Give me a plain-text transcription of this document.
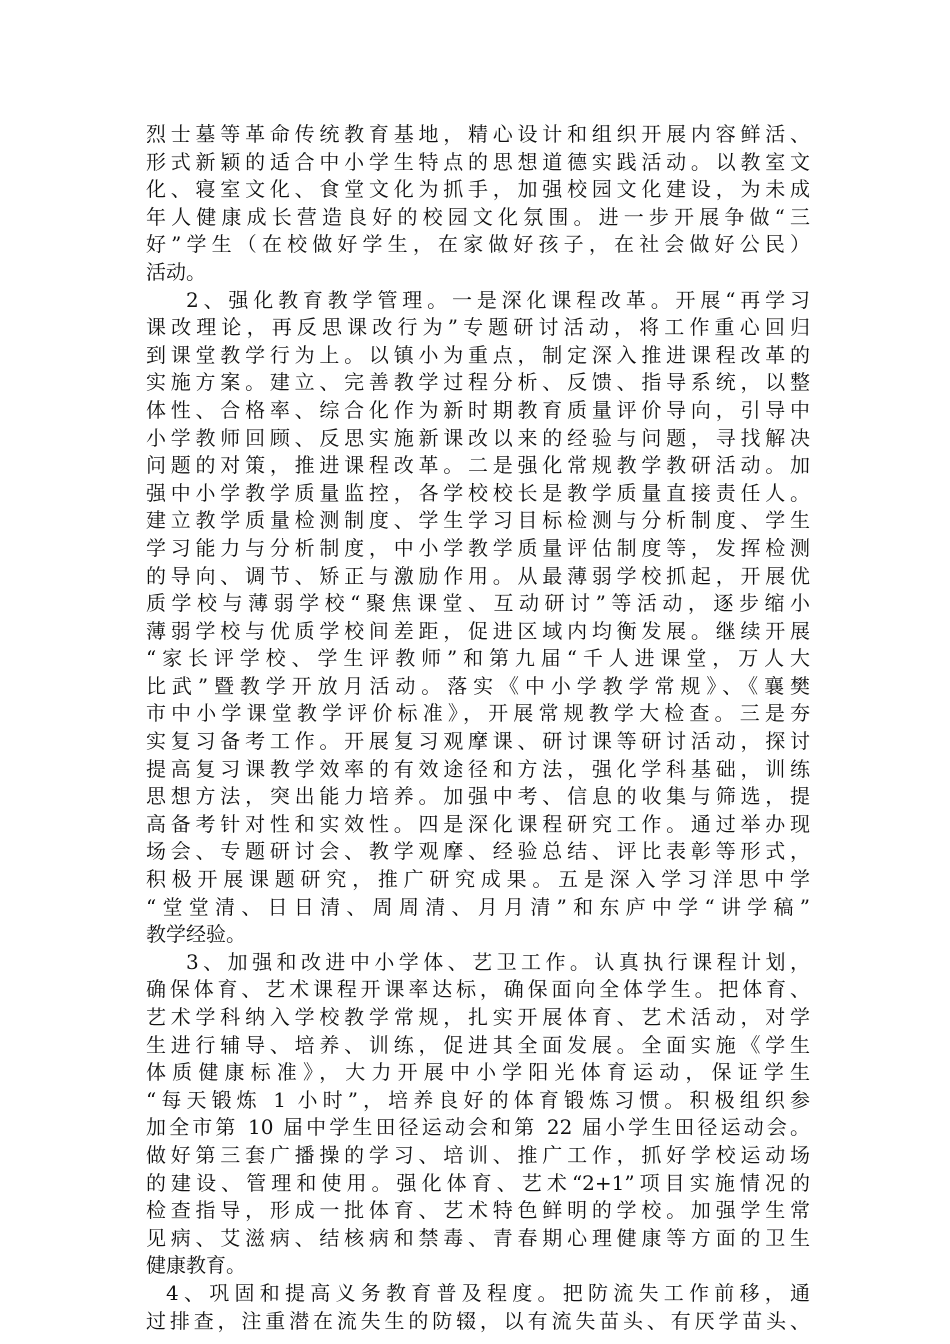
烈士墓等革命传统教育基地，精心设计和组织开展内容鲜活、
形式新颖的适合中小学生特点的思想道德实践活动。以教室文
化、寝室文化、食堂文化为抓手，加强校园文化建设，为未成
年人健康成长营造良好的校园文化氛围。进一步开展争做“三
好”学生（在校做好学生，在家做好孩子，在社会做好公民）
活动。
2、强化教育教学管理。一是深化课程改革。开展“再学习
课改理论，再反思课改行为”专题研讨活动，将工作重心回归
到课堂教学行为上。以镇小为重点，制定深入推进课程改革的
实施方案。建立、完善教学过程分析、反馈、指导系统，以整
体性、合格率、综合化作为新时期教育质量评价导向，引导中
小学教师回顾、反思实施新课改以来的经验与问题，寻找解决
问题的对策，推进课程改革。二是强化常规教学教研活动。加
强中小学教学质量监控，各学校校长是教学质量直接责任人。
建立教学质量检测制度、学生学习目标检测与分析制度、学生
学习能力与分析制度，中小学教学质量评估制度等，发挥检测
的导向、调节、矫正与激励作用。从最薄弱学校抓起，开展优
质学校与薄弱学校“聚焦课堂、互动研讨”等活动，逐步缩小
薄弱学校与优质学校间差距，促进区域内均衡发展。继续开展
“家长评学校、学生评教师”和第九届“千人进课堂，万人大
比武”暨教学开放月活动。落实《中小学教学常规》、《襄樊
市中小学课堂教学评价标准》，开展常规教学大检查。三是夯
实复习备考工作。开展复习观摩课、研讨课等研讨活动，探讨
提高复习课教学效率的有效途径和方法，强化学科基础，训练
思想方法，突出能力培养。加强中考、信息的收集与筛选，提
高备考针对性和实效性。四是深化课程研究工作。通过举办现
场会、专题研讨会、教学观摩、经验总结、评比表彰等形式，
积极开展课题研究，推广研究成果。五是深入学习洋思中学
“堂堂清、日日清、周周清、月月清”和东庐中学“讲学稿”
教学经验。
3、加强和改进中小学体、艺卫工作。认真执行课程计划，
确保体育、艺术课程开课率达标，确保面向全体学生。把体育、
艺术学科纳入学校教学常规，扎实开展体育、艺术活动，对学
生进行辅导、培养、训练，促进其全面发展。全面实施《学生
体质健康标准》，大力开展中小学阳光体育运动，保证学生
“每天锻炼 1 小时”，培养良好的体育锻炼习惯。积极组织参
加全市第 10 届中学生田径运动会和第 22 届小学生田径运动会。
做好第三套广播操的学习、培训、推广工作，抓好学校运动场
的建设、管理和使用。强化体育、艺术“2+1”项目实施情况的
检查指导，形成一批体育、艺术特色鲜明的学校。加强学生常
见病、艾滋病、结核病和禁毒、青春期心理健康等方面的卫生
健康教育。
4、巩固和提高义务教育普及程度。把防流失工作前移，通
过排查，注重潜在流失生的防辍，以有流失苗头、有厌学苗头、
